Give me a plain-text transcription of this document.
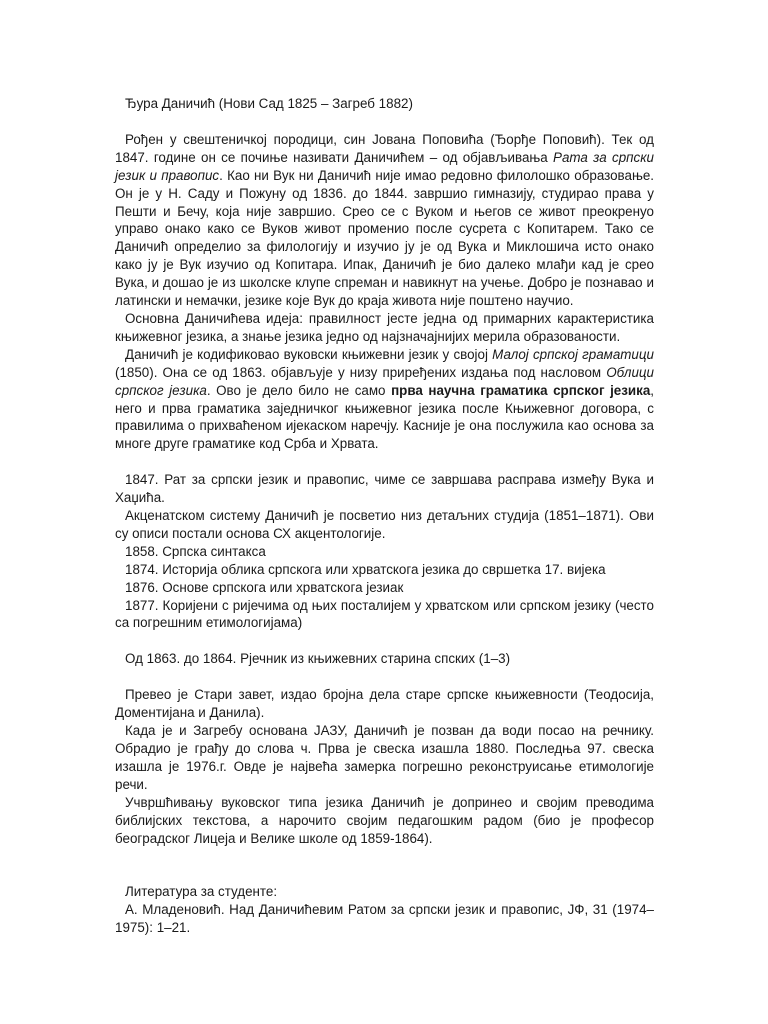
Ђура Даничић (Нови Сад 1825 – Загреб 1882)

Рођен у свештеничкој породици, син Јована Поповића (Ђорђе Поповић). Тек од 1847. године он се почиње називати Даничићем – од објављивања Рата за српски језик и правопис. Као ни Вук ни Даничић није имао редовно филолошко образовање. Он је у Н. Саду и Пожуну од 1836. до 1844. завршио гимназију, студирао права у Пешти и Бечу, која није завршио. Срео се с Вуком и његов се живот преокренуо управо онако како се Вуков живот променио после сусрета с Копитарем. Тако се Даничић определио за филологију и изучио ју је од Вука и Миклошича исто онако како ју је Вук изучио од Копитара. Ипак, Даничић је био далеко млађи кад је срео Вука, и дошао је из школске клупе спреман и навикнут на учење. Добро је познавао и латински и немачки, језике које Вук до краја живота није поштено научио.

Основна Даничићева идеја: правилност јесте једна од примарних карактеристика књижевног језика, а знање језика једно од најзначајнијих мерила образованости.

Даничић је кодификовао вуковски књижевни језик у својој Малој српској граматици (1850). Она се од 1863. објављује у низу приређених издања под насловом Облици српског језика. Ово је дело било не само прва научна граматика српског језика, него и прва граматика заједничког књижевног језика после Књижевног договора, с правилима о прихваћеном ијекаском наречју. Касније је она послужила као основа за многе друге граматике код Срба и Хрвата.

1847. Рат за српски језик и правопис, чиме се завршава расправа између Вука и Хаџића.

Акценатском систему Даничић је посветио низ детаљних студија (1851–1871). Ови су описи постали основа СХ акцентологије.

1858. Српска синтакса

1874. Историја облика српскога или хрватскога језика до свршетка 17. вијека

1876. Основе српскога или хрватскога језиак

1877. Коријени с ријечима од њих посталијем у хрватском или српском језику (често са погрешним етимологијама)

Од 1863. до 1864. Рјечник из књижевних старина спских (1–3)

Превео је Стари завет, издао бројна дела старе српске књижевности (Теодосија, Доментијана и Данила).

Када је и Загребу основана ЈАЗУ, Даничић је позван да води посао на речнику. Обрадио је грађу до слова ч. Прва је свеска изашла 1880. Последња 97. свеска изашла је 1976.г. Овде је највећа замерка погрешно реконструисање етимологије речи.

Учвршћивању вуковског типа језика Даничић је допринео и својим преводима библијских текстова, а нарочито својим педагошким радом (био је професор београдског Лицеја и Велике школе од 1859-1864).

Литература за студенте:

А. Младеновић. Над Даничићевим Ратом за српски језик и правопис, ЈФ, 31 (1974–1975): 1–21.
